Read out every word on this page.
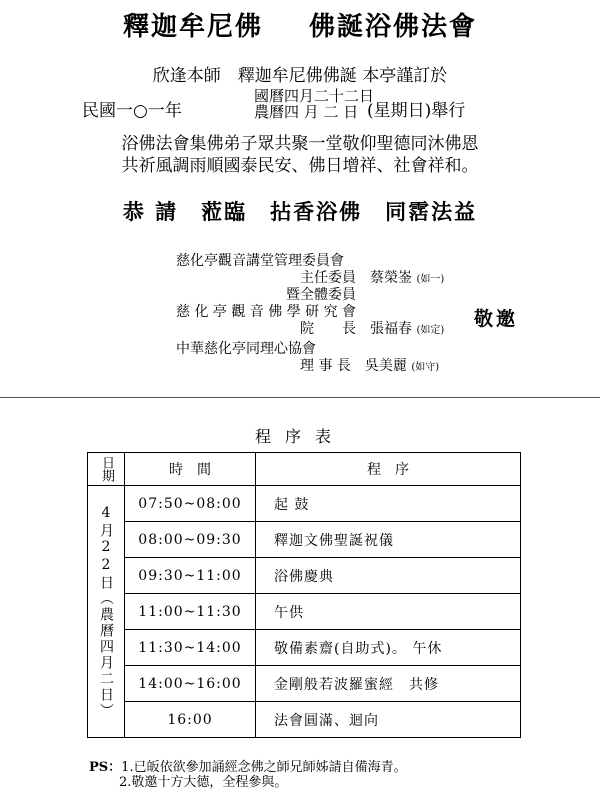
釋迦牟尼佛 佛誕浴佛法會
欣逢本師　釋迦牟尼佛佛誕 本亭謹訂於
民國一○一年
國曆四月二十二日
農曆四 月 二 日 (星期日)舉行
浴佛法會集佛弟子眾共聚一堂敬仰聖德同沐佛恩
共祈風調雨順國泰民安、佛日增祥、社會祥和。
恭 請　蒞臨　拈香浴佛　同霑法益
慈化亭觀音講堂管理委員會
主任委員　 蔡榮崟 (如一)
暨全體委員
慈 化 亭 觀 音 佛 學 研 究 會
院　　長　 張福春 (如定)
中華慈化亭同理心協會
理 事 長　 吳美麗 (如守)
敬邀
程序表
日期	時　間	程　序

4月22日（農曆四月二日）	07:50~08:00	起 鼓
	08:00~09:30	釋迦文佛聖誕祝儀
	09:30~11:00	浴佛慶典
	11:00~11:30	午供
	11:30~14:00	敬備素齋(自助式)。 午休
	14:00~16:00	金剛般若波羅蜜經　共修
	16:00	法會圓滿、迴向
PS：1.已皈依欲參加誦經念佛之師兄師姊請自備海青。
2.敬邀十方大德，全程參與。
